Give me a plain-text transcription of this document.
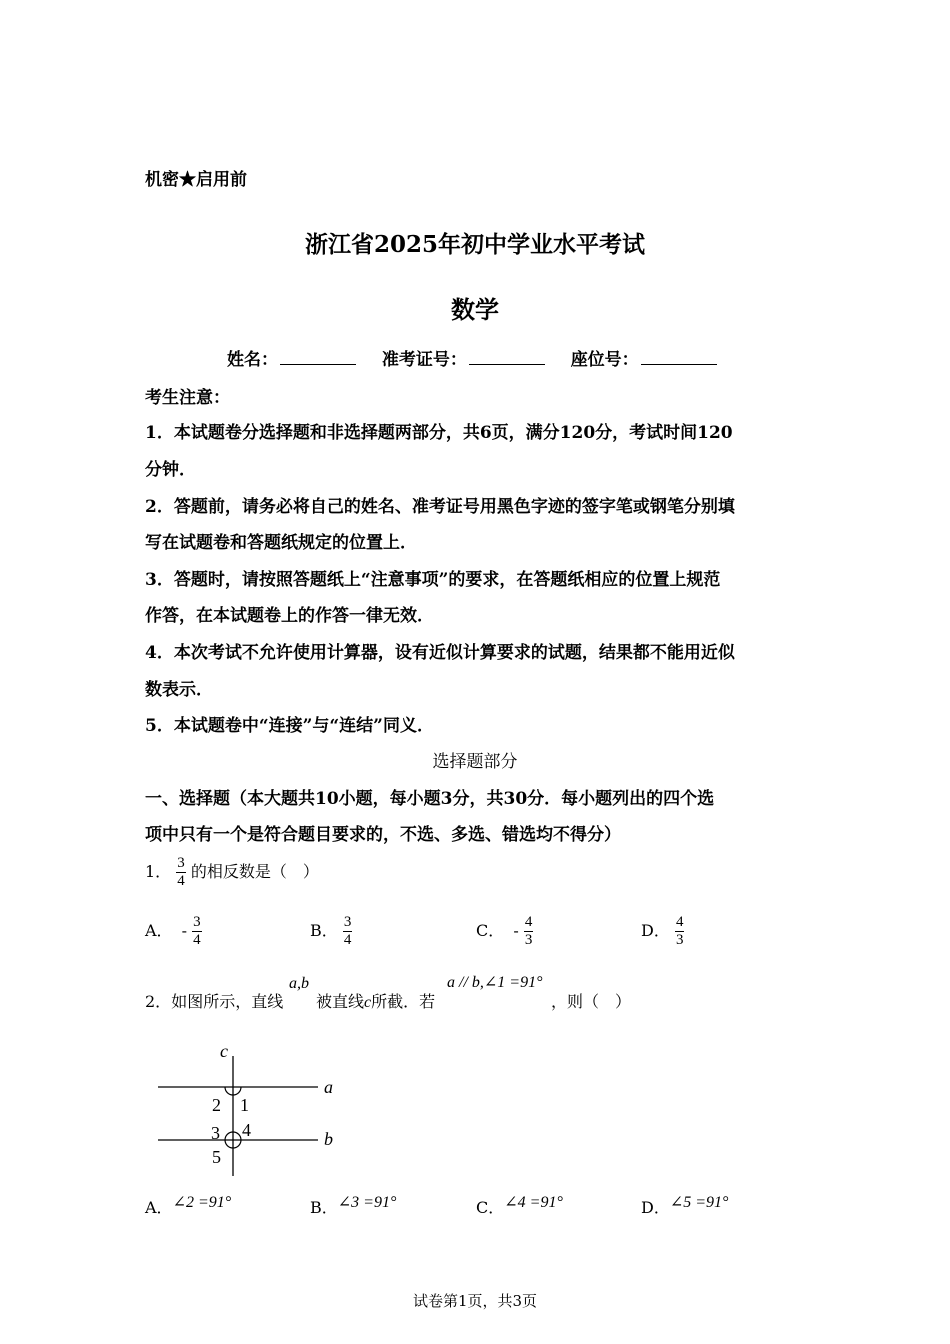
机密★启用前
浙江省2025年初中学业水平考试
数学
姓名：	准考证号：	座位号：
考生注意：
1．本试题卷分选择题和非选择题两部分，共6页，满分120分，考试时间120
分钟．
2．答题前，请务必将自己的姓名、准考证号用黑色字迹的签字笔或钢笔分别填
写在试题卷和答题纸规定的位置上．
3．答题时，请按照答题纸上“注意事项”的要求，在答题纸相应的位置上规范
作答，在本试题卷上的作答一律无效．
4．本次考试不允许使用计算器，设有近似计算要求的试题，结果都不能用近似
数表示．
5．本试题卷中“连接”与“连结”同义．
选择题部分
一、选择题（本大题共10小题，每小题3分，共30分．每小题列出的四个选
项中只有一个是符合题目要求的，不选、多选、错选均不得分）
1． $\frac{3}{4}$ 的相反数是（　）
A． - $\frac{3}{4}$	B． $\frac{3}{4}$	C． - $\frac{4}{3}$	D． $\frac{4}{3}$
2．如图所示，直线
a,b
被直线c所截．若
a // b,∠1 =91°
，则（　）
c
a
b
2 1
3 4
5
A．∠2 =91°	B．∠3 =91°	C．∠4 =91°	D．∠5 =91°
试卷第1页，共3页
